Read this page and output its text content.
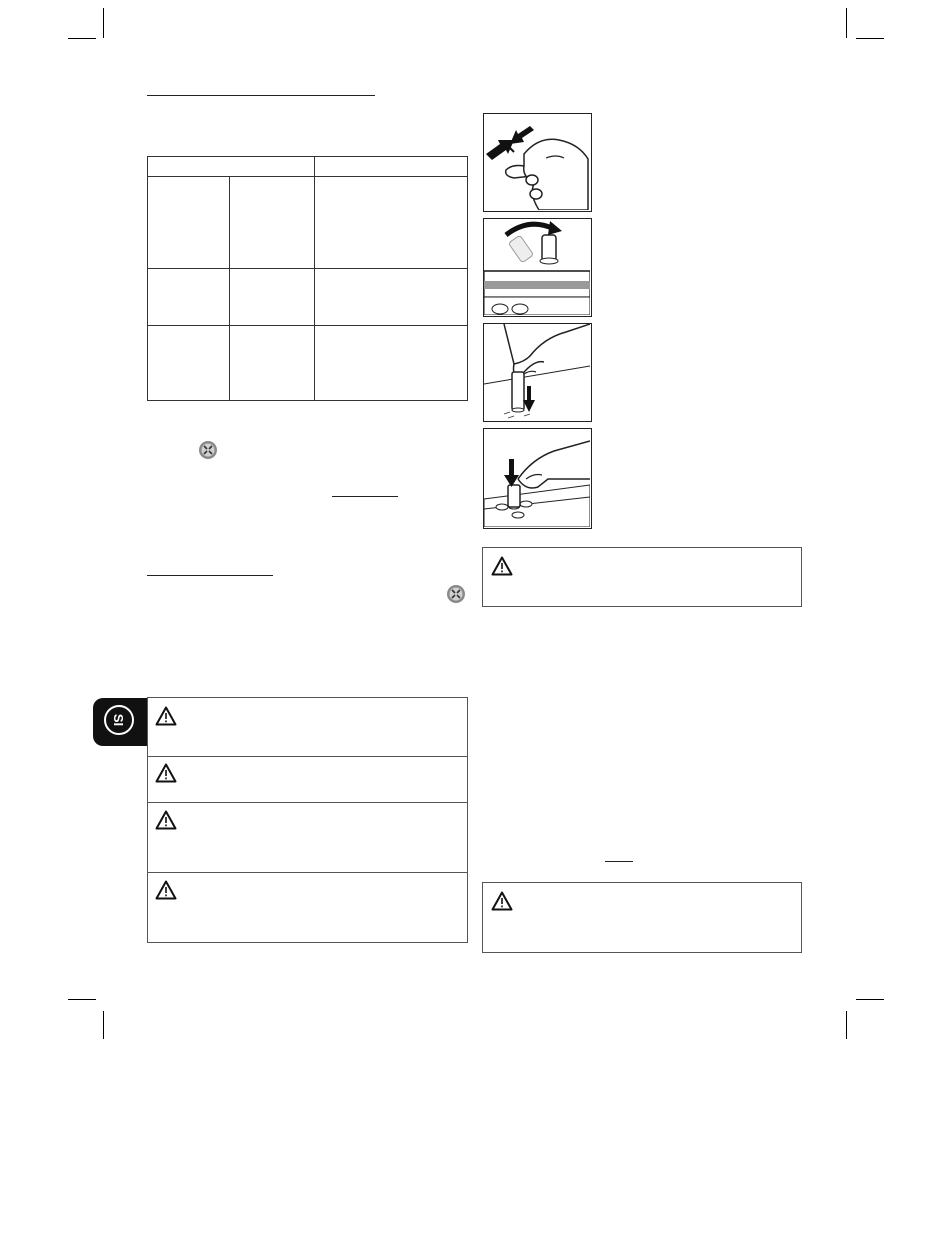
SI
